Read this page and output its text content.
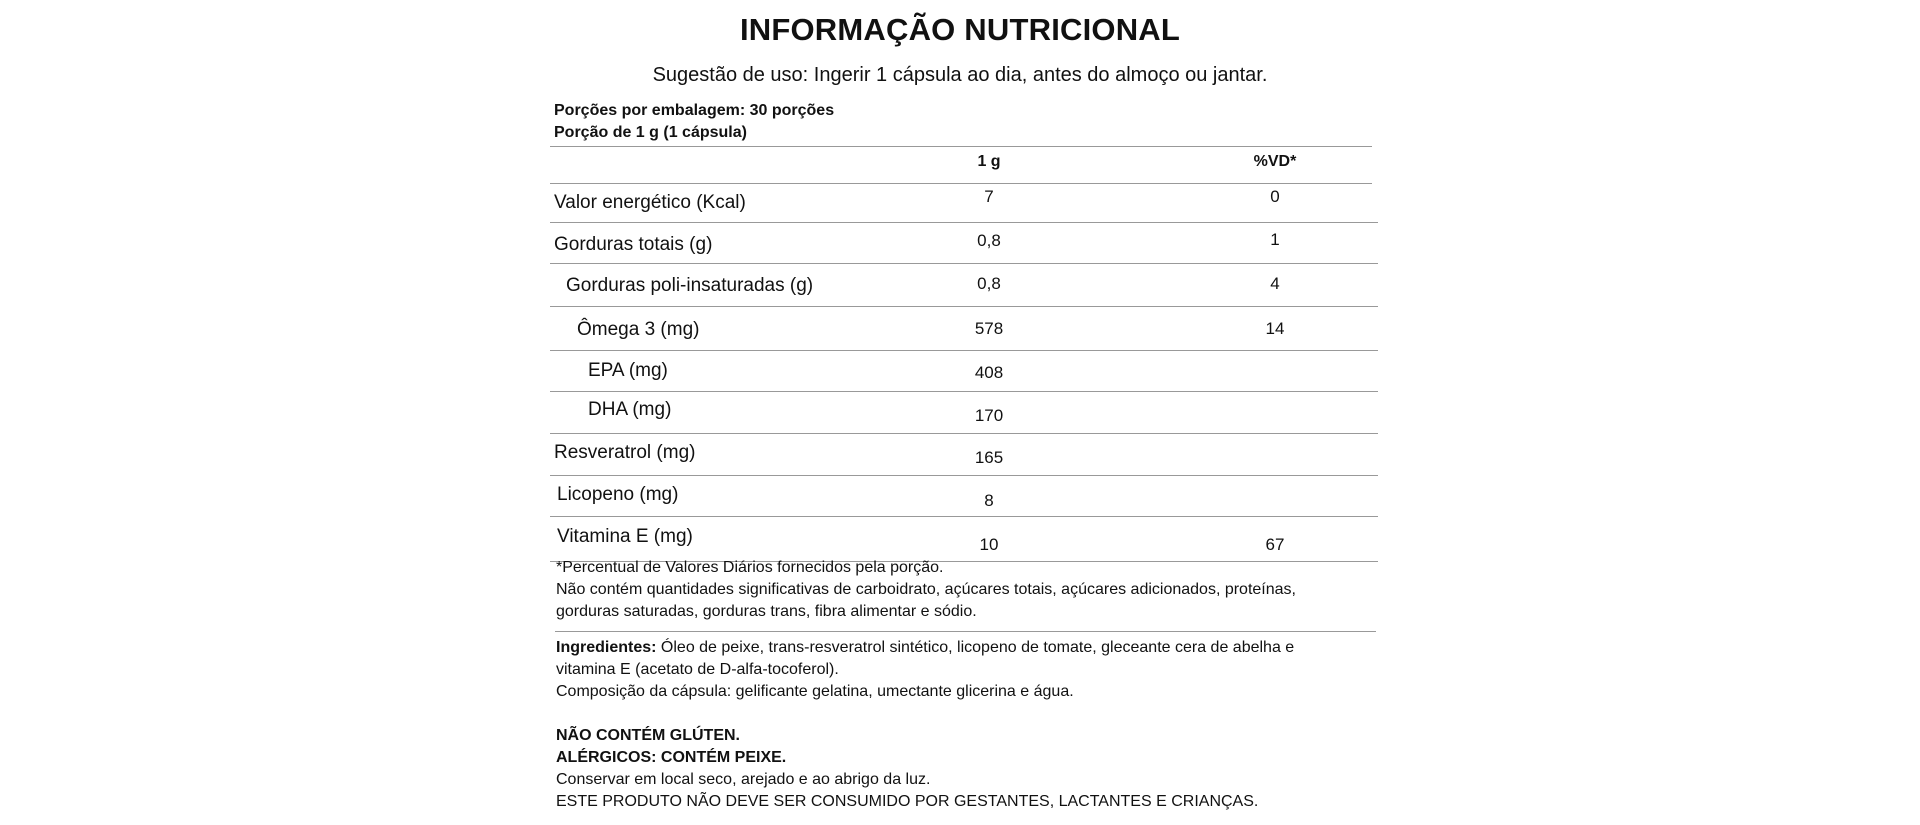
INFORMAÇÃO NUTRICIONAL
Sugestão de uso: Ingerir 1 cápsula ao dia, antes do almoço ou jantar.
Porções por embalagem: 30 porções
Porção de 1 g (1 cápsula)
1 g	%VD*
Valor energético (Kcal)	7	0
Gorduras totais (g)	0,8	1
Gorduras poli-insaturadas (g)	0,8	4
Ômega 3 (mg)	578	14
EPA (mg)	408
DHA (mg)	170
Resveratrol (mg)	165
Licopeno (mg)	8
Vitamina E (mg)	10	67
*Percentual de Valores Diários fornecidos pela porção.
Não contém quantidades significativas de carboidrato, açúcares totais, açúcares adicionados, proteínas,
gorduras saturadas, gorduras trans, fibra alimentar e sódio.
Ingredientes: Óleo de peixe, trans-resveratrol sintético, licopeno de tomate, gleceante cera de abelha e
vitamina E (acetato de D-alfa-tocoferol).
Composição da cápsula: gelificante gelatina, umectante glicerina e água.
NÃO CONTÉM GLÚTEN.
ALÉRGICOS: CONTÉM PEIXE.
Conservar em local seco, arejado e ao abrigo da luz.
ESTE PRODUTO NÃO DEVE SER CONSUMIDO POR GESTANTES, LACTANTES E CRIANÇAS.
